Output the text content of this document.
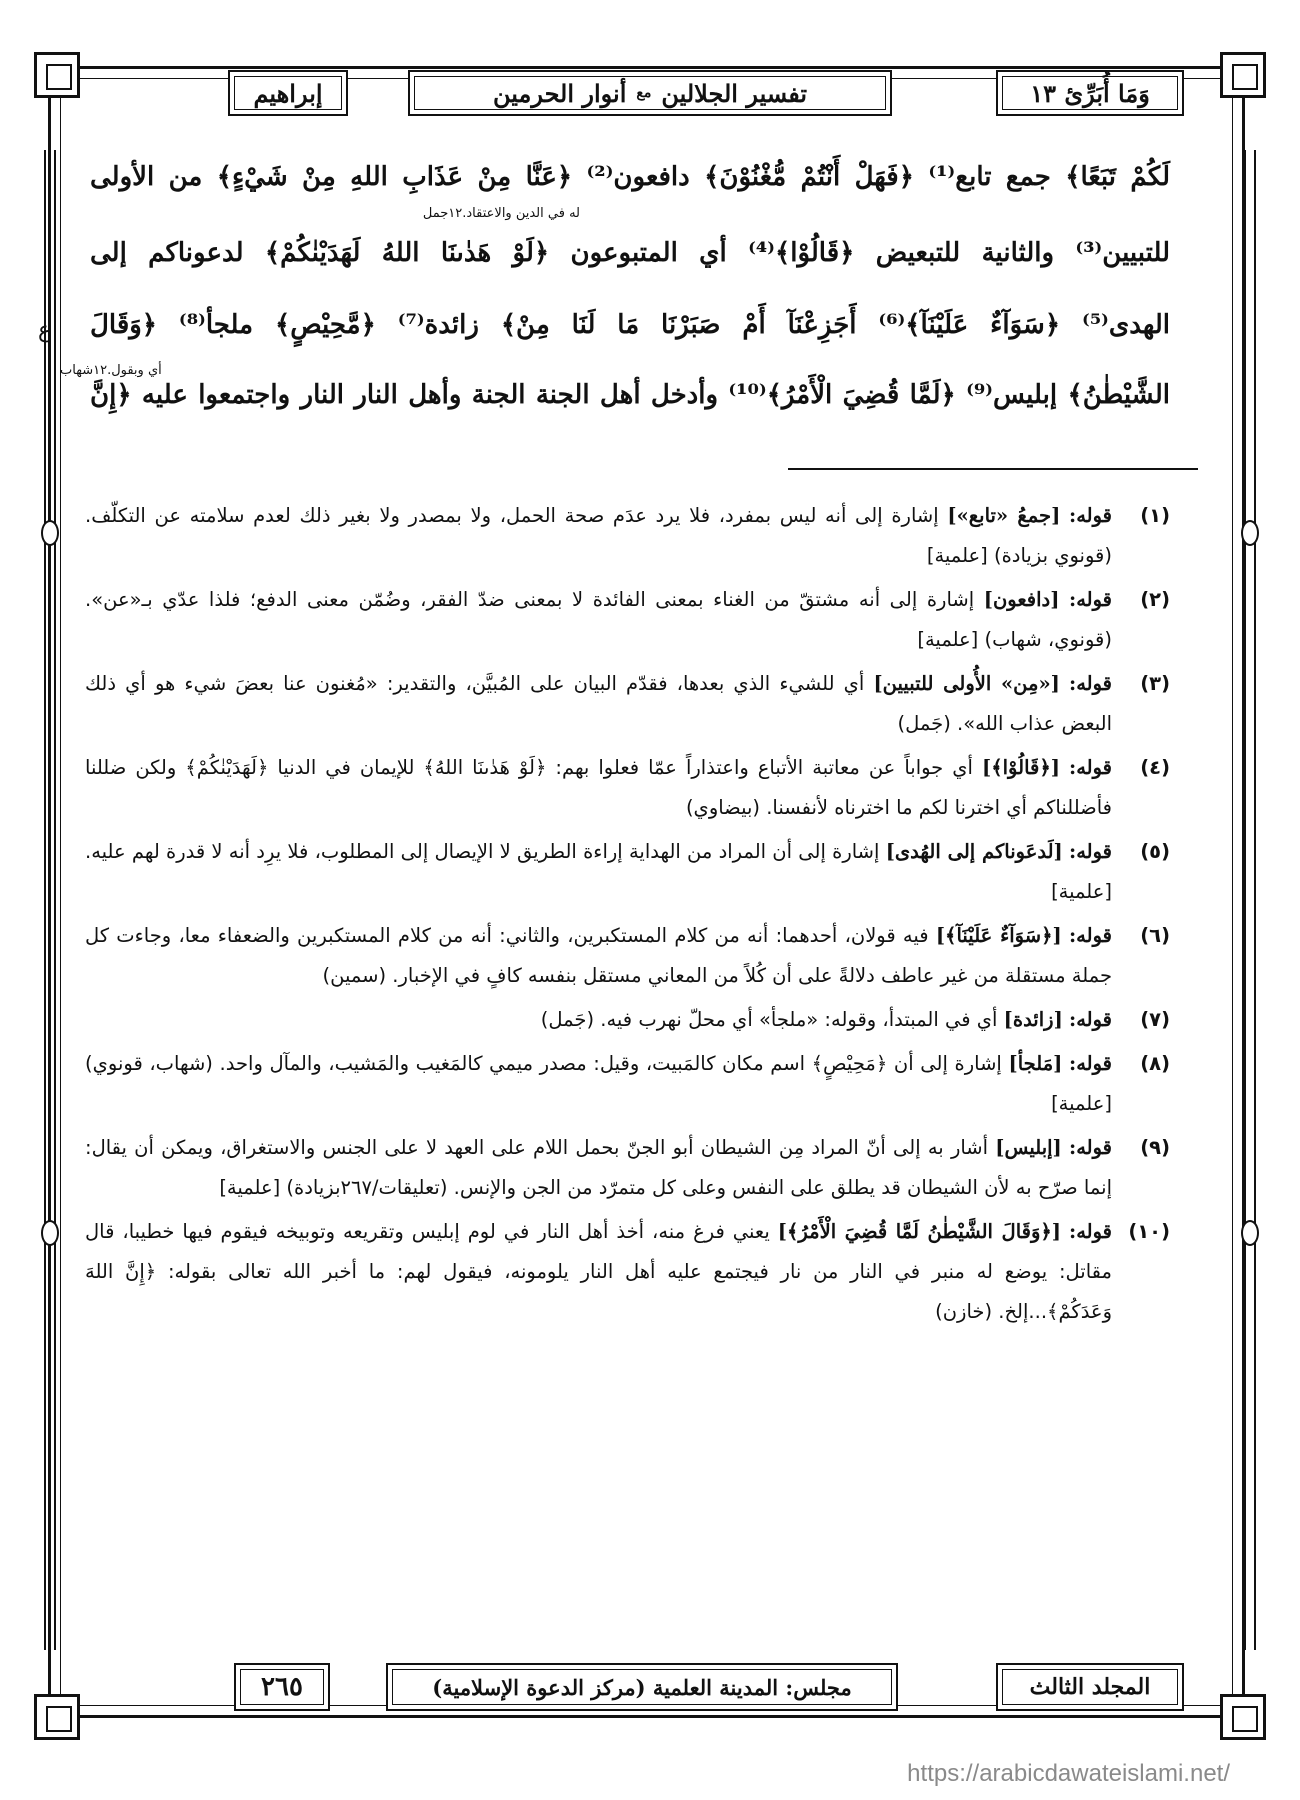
وَمَا أُبَرِّئ ١٣
تفسير الجلالين
مع
أنوار الحرمين
إبراهيم
لَكُمْ تَبَعًا﴾ جمع تابع⁽¹⁾ ﴿فَهَلْ أَنْتُمْ مُّغْنُوْنَ﴾ دافعون⁽²⁾ ﴿عَنَّا مِنْ عَذَابِ اللهِ مِنْ شَيْءٍ﴾ من الأولى
له في الدين والاعتقاد.١٢جمل
للتبيين⁽³⁾ والثانية للتبعيض ﴿قَالُوْا﴾⁽⁴⁾ أي المتبوعون ﴿لَوْ هَدٰىنَا اللهُ لَهَدَيْنٰكُمْ﴾ لدعوناكم إلى
الهدى⁽⁵⁾ ﴿سَوَآءٌ عَلَيْنَآ﴾⁽⁶⁾ أَجَزِعْنَآ أَمْ صَبَرْنَا مَا لَنَا مِنْ﴾ زائدة⁽⁷⁾ ﴿مَّحِيْصٍ﴾ ملجأ⁽⁸⁾ ﴿وَقَالَ
ع
أي وبقول.١٢شهاب
الشَّيْطٰنُ﴾ إبليس⁽⁹⁾ ﴿لَمَّا قُضِيَ الْأَمْرُ﴾⁽¹⁰⁾ وأدخل أهل الجنة الجنة وأهل النار النار واجتمعوا عليه ﴿إِنَّ
(١)
قوله: [جمعُ «تابع»] إشارة إلى أنه ليس بمفرد، فلا يرد عدَم صحة الحمل، ولا بمصدر ولا بغير ذلك لعدم سلامته عن التكلّف. (قونوي بزيادة) [علمية]
(٢)
قوله: [دافعون] إشارة إلى أنه مشتقّ من الغناء بمعنى الفائدة لا بمعنى ضدّ الفقر، وضُمّن معنى الدفع؛ فلذا عدّي بـ«عن». (قونوي، شهاب) [علمية]
(٣)
قوله: [«مِن» الأُولى للتبيين] أي للشيء الذي بعدها، فقدّم البيان على المُبيَّن، والتقدير: «مُغنون عنا بعضَ شيء هو أي ذلك البعض عذاب الله». (جَمل)
(٤)
قوله: [﴿قَالُوْا﴾] أي جواباً عن معاتبة الأتباع واعتذاراً عمّا فعلوا بهم: ﴿لَوْ هَدٰىنَا اللهُ﴾ للإيمان في الدنيا ﴿لَهَدَيْنٰكُمْ﴾ ولكن ضللنا فأضللناكم أي اخترنا لكم ما اخترناه لأنفسنا. (بيضاوي)
(٥)
قوله: [لَدعَوناكم إلى الهُدى] إشارة إلى أن المراد من الهداية إراءة الطريق لا الإيصال إلى المطلوب، فلا يرِد أنه لا قدرة لهم عليه. [علمية]
(٦)
قوله: [﴿سَوَآءٌ عَلَيْنَآ﴾] فيه قولان، أحدهما: أنه من كلام المستكبرين، والثاني: أنه من كلام المستكبرين والضعفاء معا، وجاءت كل جملة مستقلة من غير عاطف دلالةً على أن كُلاً من المعاني مستقل بنفسه كافٍ في الإخبار. (سمين)
(٧)
قوله: [زائدة] أي في المبتدأ، وقوله: «ملجأ» أي محلّ نهرب فيه. (جَمل)
(٨)
قوله: [مَلجأ] إشارة إلى أن ﴿مَحِيْصٍ﴾ اسم مكان كالمَبيت، وقيل: مصدر ميمي كالمَغيب والمَشيب، والمآل واحد. (شهاب، قونوي) [علمية]
(٩)
قوله: [إبليس] أشار به إلى أنّ المراد مِن الشيطان أبو الجنّ بحمل اللام على العهد لا على الجنس والاستغراق، ويمكن أن يقال: إنما صرّح به لأن الشيطان قد يطلق على النفس وعلى كل متمرّد من الجن والإنس. (تعليقات/٢٦٧بزيادة) [علمية]
(١٠)
قوله: [﴿وَقَالَ الشَّيْطٰنُ لَمَّا قُضِيَ الْأَمْرُ﴾] يعني فرغ منه، أخذ أهل النار في لوم إبليس وتقريعه وتوبيخه فيقوم فيها خطيبا، قال مقاتل: يوضع له منبر في النار من نار فيجتمع عليه أهل النار يلومونه، فيقول لهم: ما أخبر الله تعالى بقوله: ﴿إِنَّ اللهَ وَعَدَكُمْ﴾...إلخ. (خازن)
المجلد الثالث
مجلس: المدينة العلمية (مركز الدعوة الإسلامية)
٢٦٥
https://arabicdawateislami.net/
